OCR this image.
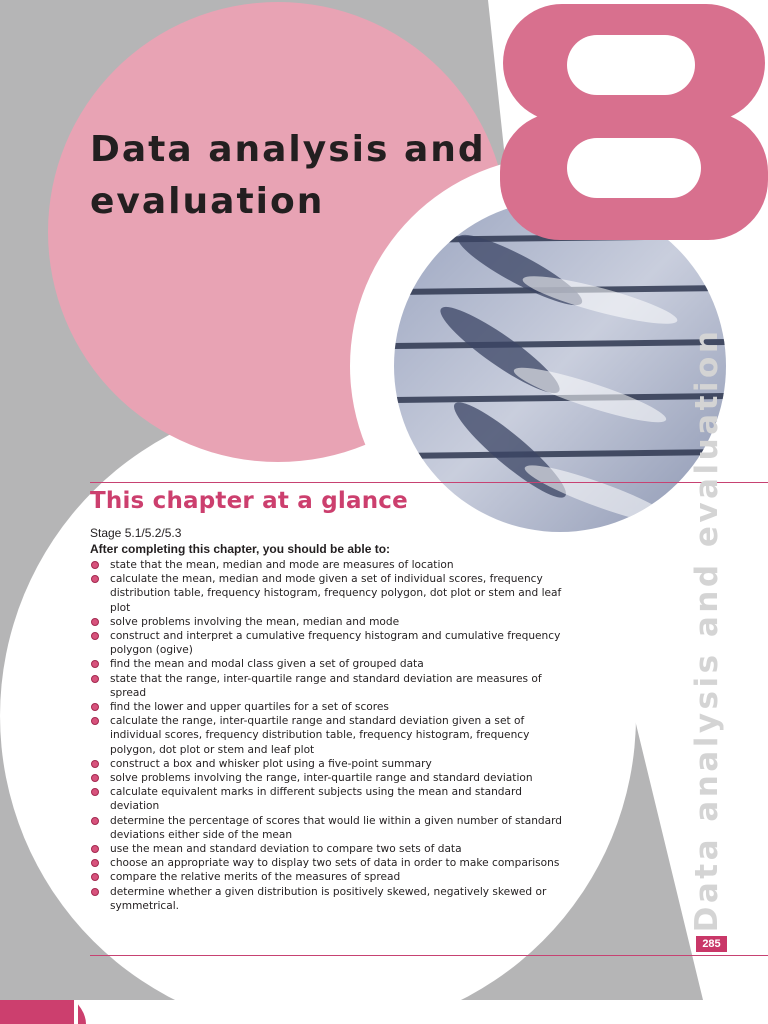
Data analysis and evaluation
This chapter at a glance
Stage 5.1/5.2/5.3
After completing this chapter, you should be able to:
state that the mean, median and mode are measures of location
calculate the mean, median and mode given a set of individual scores, frequency distribution table, frequency histogram, frequency polygon, dot plot or stem and leaf plot
solve problems involving the mean, median and mode
construct and interpret a cumulative frequency histogram and cumulative frequency polygon (ogive)
find the mean and modal class given a set of grouped data
state that the range, inter-quartile range and standard deviation are measures of spread
find the lower and upper quartiles for a set of scores
calculate the range, inter-quartile range and standard deviation given a set of individual scores, frequency distribution table, frequency histogram, frequency polygon, dot plot or stem and leaf plot
construct a box and whisker plot using a five-point summary
solve problems involving the range, inter-quartile range and standard deviation
calculate equivalent marks in different subjects using the mean and standard deviation
determine the percentage of scores that would lie within a given number of standard deviations either side of the mean
use the mean and standard deviation to compare two sets of data
choose an appropriate way to display two sets of data in order to make comparisons
compare the relative merits of the measures of spread
determine whether a given distribution is positively skewed, negatively skewed or symmetrical.	Data analysis and evaluation
285
